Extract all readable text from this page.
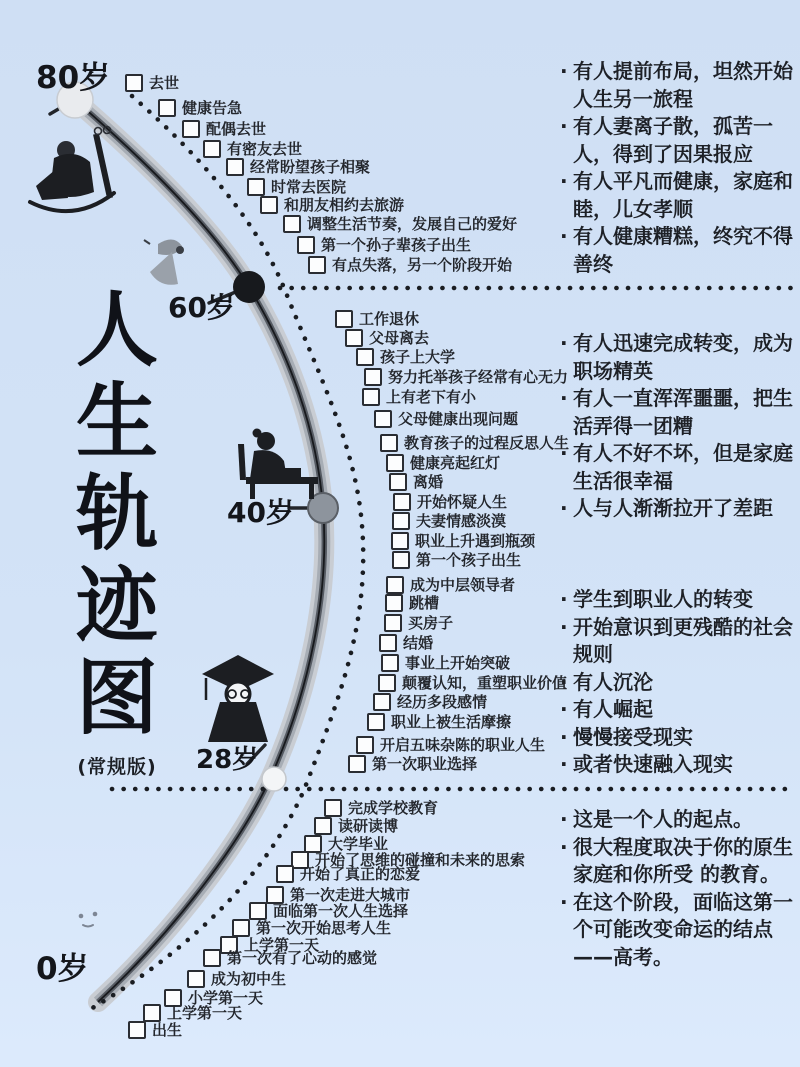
人
生
轨
迹
图
(常规版)
80岁
60岁
40岁
28岁
0岁
去世
健康告急
配偶去世
有密友去世
经常盼望孩子相聚
时常去医院
和朋友相约去旅游
调整生活节奏，发展自己的爱好
第一个孙子辈孩子出生
有点失落，另一个阶段开始
工作退休
父母离去
孩子上大学
努力托举孩子经常有心无力
上有老下有小
父母健康出现问题
教育孩子的过程反思人生
健康亮起红灯
离婚
开始怀疑人生
夫妻情感淡漠
职业上升遇到瓶颈
第一个孩子出生
成为中层领导者
跳槽
买房子
结婚
事业上开始突破
颠覆认知，重塑职业价值
经历多段感情
职业上被生活摩擦
开启五味杂陈的职业人生
第一次职业选择
完成学校教育
读研读博
大学毕业
开始了思维的碰撞和未来的思索
开始了真正的恋爱
第一次走进大城市
面临第一次人生选择
第一次开始思考人生
上学第一天
第一次有了心动的感觉
成为初中生
小学第一天
上学第一天
出生
· 有人提前布局，坦然开始人生另一旅程
· 有人妻离子散，孤苦一人，得到了因果报应
· 有人平凡而健康，家庭和睦，儿女孝顺
· 有人健康糟糕，终究不得善终
· 有人迅速完成转变，成为职场精英
· 有人一直浑浑噩噩，把生活弄得一团糟
· 有人不好不坏，但是家庭生活很幸福
· 人与人渐渐拉开了差距
· 学生到职业人的转变
· 开始意识到更残酷的社会规则
· 有人沉沦
· 有人崛起
· 慢慢接受现实
· 或者快速融入现实
· 这是一个人的起点。
· 很大程度取决于你的原生家庭和你所受 的教育。
· 在这个阶段，面临这第一个可能改变命运的结点——高考。
